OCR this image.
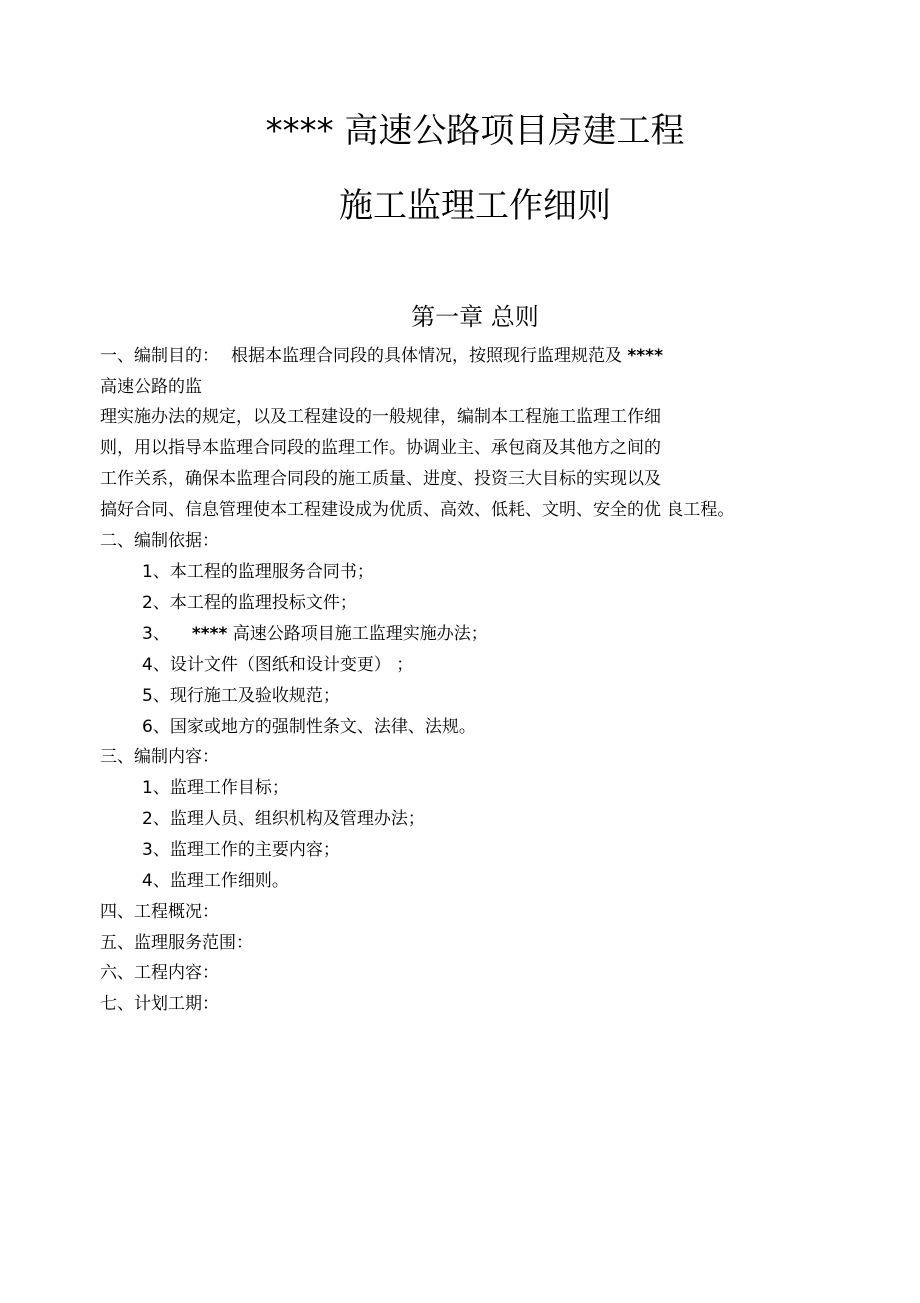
**** 高速公路项目房建工程
施工监理工作细则
第一章 总则
一、编制目的： 根据本监理合同段的具体情况，按照现行监理规范及 ****
高速公路的监
理实施办法的规定，以及工程建设的一般规律，编制本工程施工监理工作细
则，用以指导本监理合同段的监理工作。协调业主、承包商及其他方之间的
工作关系，确保本监理合同段的施工质量、进度、投资三大目标的实现以及
搞好合同、信息管理使本工程建设成为优质、高效、低耗、文明、安全的优 良工程。
二、编制依据：
1、本工程的监理服务合同书；
2、本工程的监理投标文件；
3、 **** 高速公路项目施工监理实施办法；
4、设计文件（图纸和设计变更） ；
5、现行施工及验收规范；
6、国家或地方的强制性条文、法律、法规。
三、编制内容：
1、监理工作目标；
2、监理人员、组织机构及管理办法；
3、监理工作的主要内容；
4、监理工作细则。
四、工程概况：
五、监理服务范围：
六、工程内容：
七、计划工期：
